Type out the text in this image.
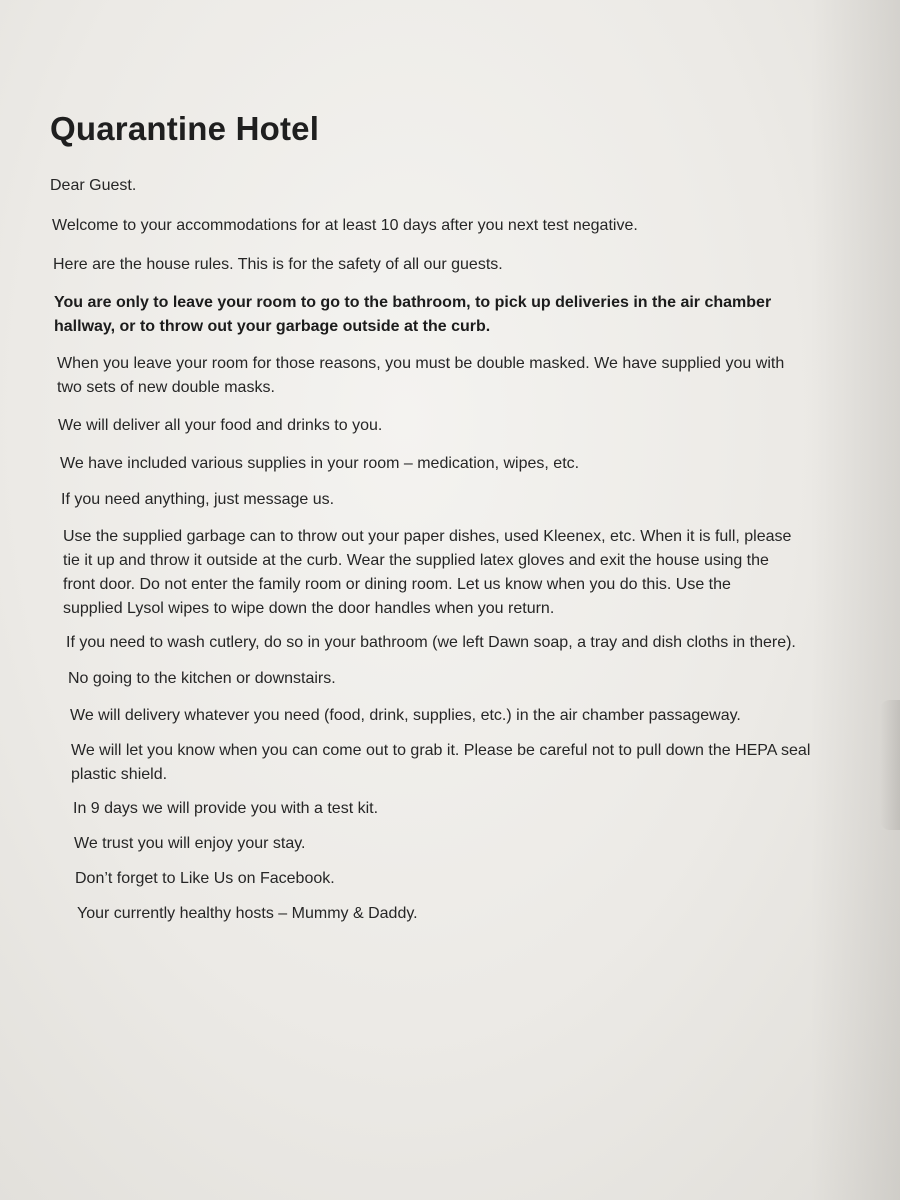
Quarantine Hotel

Dear Guest.

Welcome to your accommodations for at least 10 days after you next test negative.

Here are the house rules. This is for the safety of all our guests.

You are only to leave your room to go to the bathroom, to pick up deliveries in the air chamber
hallway, or to throw out your garbage outside at the curb.

When you leave your room for those reasons, you must be double masked. We have supplied you with
two sets of new double masks.

We will deliver all your food and drinks to you.

We have included various supplies in your room – medication, wipes, etc.

If you need anything, just message us.

Use the supplied garbage can to throw out your paper dishes, used Kleenex, etc. When it is full, please
tie it up and throw it outside at the curb. Wear the supplied latex gloves and exit the house using the
front door. Do not enter the family room or dining room. Let us know when you do this. Use the
supplied Lysol wipes to wipe down the door handles when you return.

If you need to wash cutlery, do so in your bathroom (we left Dawn soap, a tray and dish cloths in there).

No going to the kitchen or downstairs.

We will delivery whatever you need (food, drink, supplies, etc.) in the air chamber passageway.

We will let you know when you can come out to grab it. Please be careful not to pull down the HEPA seal
plastic shield.

In 9 days we will provide you with a test kit.

We trust you will enjoy your stay.

Don’t forget to Like Us on Facebook.

Your currently healthy hosts – Mummy & Daddy.
